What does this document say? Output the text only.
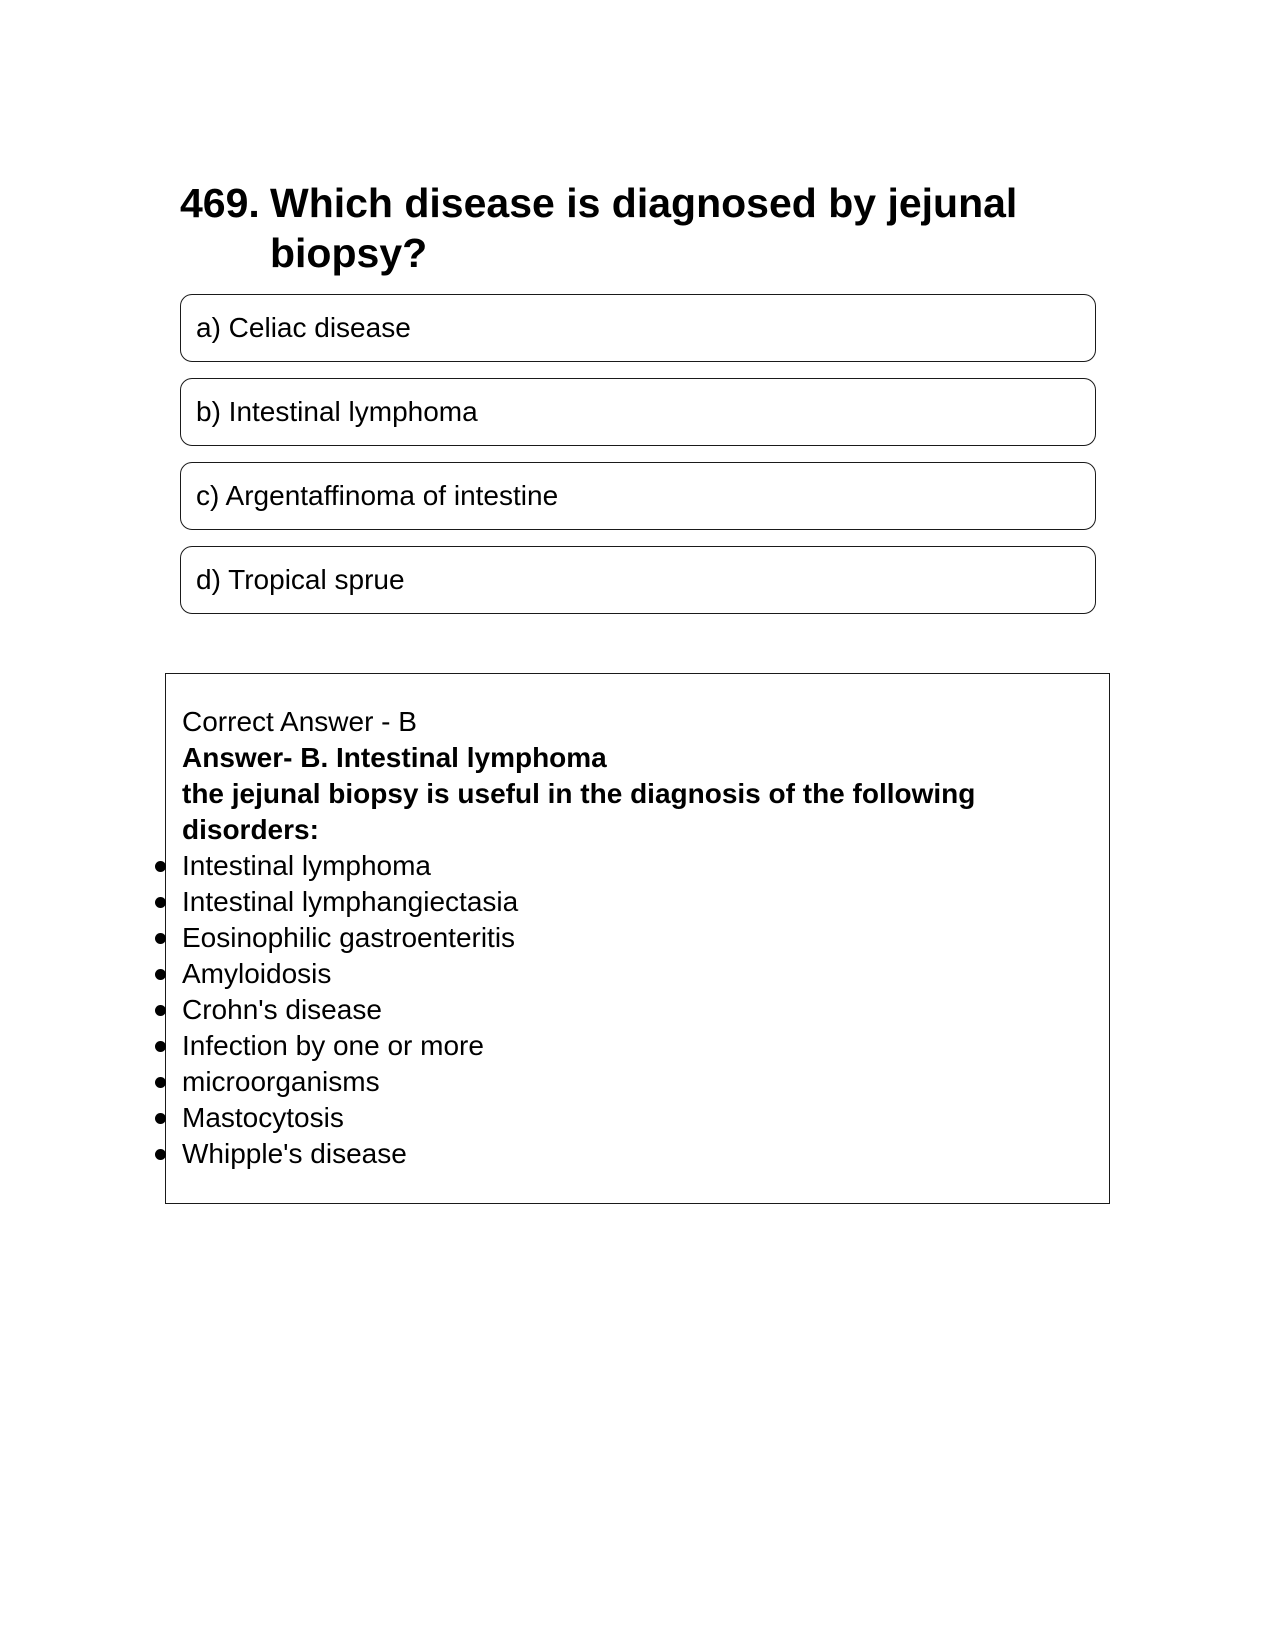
469. Which disease is diagnosed by jejunal biopsy?
a) Celiac disease
b) Intestinal lymphoma
c) Argentaffinoma of intestine
d) Tropical sprue

Correct Answer - B

Answer- B. Intestinal lymphoma

the jejunal biopsy is useful in the diagnosis of the following disorders:

Intestinal lymphoma
Intestinal lymphangiectasia
Eosinophilic gastroenteritis
Amyloidosis
Crohn's disease
Infection by one or more
microorganisms
Mastocytosis
Whipple's disease
